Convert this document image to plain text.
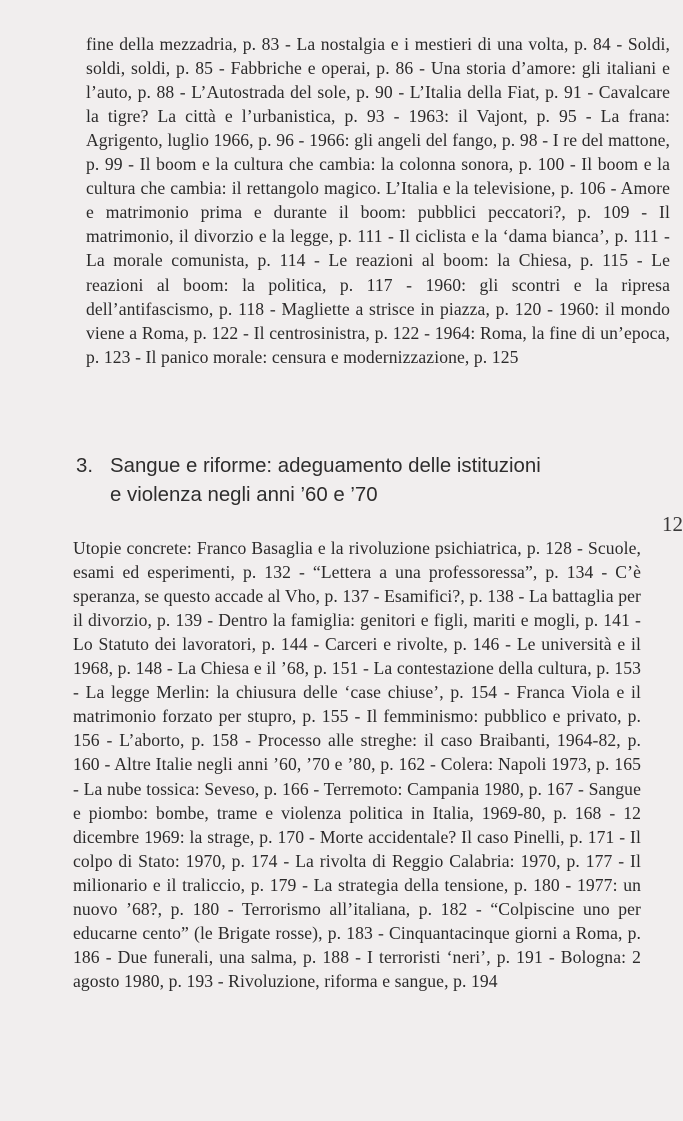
fine della mezzadria, p. 83 - La nostalgia e i mestieri di una volta, p. 84 - Soldi, soldi, soldi, p. 85 - Fabbriche e operai, p. 86 - Una storia d’amore: gli italiani e l’auto, p. 88 - L’Autostrada del sole, p. 90 - L’Italia della Fiat, p. 91 - Cavalcare la tigre? La città e l’urbanistica, p. 93 - 1963: il Vajont, p. 95 - La frana: Agrigento, luglio 1966, p. 96 - 1966: gli angeli del fango, p. 98 - I re del mattone, p. 99 - Il boom e la cultura che cambia: la colonna sonora, p. 100 - Il boom e la cultura che cambia: il rettangolo magico. L’Italia e la televisione, p. 106 - Amore e matrimonio prima e durante il boom: pubblici peccatori?, p. 109 - Il matrimonio, il divorzio e la legge, p. 111 - Il ciclista e la ‘dama bianca’, p. 111 - La morale comunista, p. 114 - Le reazioni al boom: la Chiesa, p. 115 - Le reazioni al boom: la politica, p. 117 - 1960: gli scontri e la ripresa dell’antifascismo, p. 118 - Magliette a strisce in piazza, p. 120 - 1960: il mondo viene a Roma, p. 122 - Il centrosinistra, p. 122 - 1964: Roma, la fine di un’epoca, p. 123 - Il panico morale: censura e modernizzazione, p. 125

3. Sangue e riforme: adeguamento delle istituzioni
e violenza negli anni ’60 e ’70

Utopie concrete: Franco Basaglia e la rivoluzione psichiatrica, p. 128 - Scuole, esami ed esperimenti, p. 132 - “Lettera a una professoressa”, p. 134 - C’è speranza, se questo accade al Vho, p. 137 - Esamifici?, p. 138 - La battaglia per il divorzio, p. 139 - Dentro la famiglia: genitori e figli, mariti e mogli, p. 141 - Lo Statuto dei lavoratori, p. 144 - Carceri e rivolte, p. 146 - Le università e il 1968, p. 148 - La Chiesa e il ’68, p. 151 - La contestazione della cultura, p. 153 - La legge Merlin: la chiusura delle ‘case chiuse’, p. 154 - Franca Viola e il matrimonio forzato per stupro, p. 155 - Il femminismo: pubblico e privato, p. 156 - L’aborto, p. 158 - Processo alle streghe: il caso Braibanti, 1964-82, p. 160 - Altre Italie negli anni ’60, ’70 e ’80, p. 162 - Colera: Napoli 1973, p. 165 - La nube tossica: Seveso, p. 166 - Terremoto: Campania 1980, p. 167 - Sangue e piombo: bombe, trame e violenza politica in Italia, 1969-80, p. 168 - 12 dicembre 1969: la strage, p. 170 - Morte accidentale? Il caso Pinelli, p. 171 - Il colpo di Stato: 1970, p. 174 - La rivolta di Reggio Calabria: 1970, p. 177 - Il milionario e il traliccio, p. 179 - La strategia della tensione, p. 180 - 1977: un nuovo ’68?, p. 180 - Terrorismo all’italiana, p. 182 - “Colpiscine uno per educarne cento” (le Brigate rosse), p. 183 - Cinquantacinque giorni a Roma, p. 186 - Due funerali, una salma, p. 188 - I terroristi ‘neri’, p. 191 - Bologna: 2 agosto 1980, p. 193 - Rivoluzione, riforma e sangue, p. 194

12
